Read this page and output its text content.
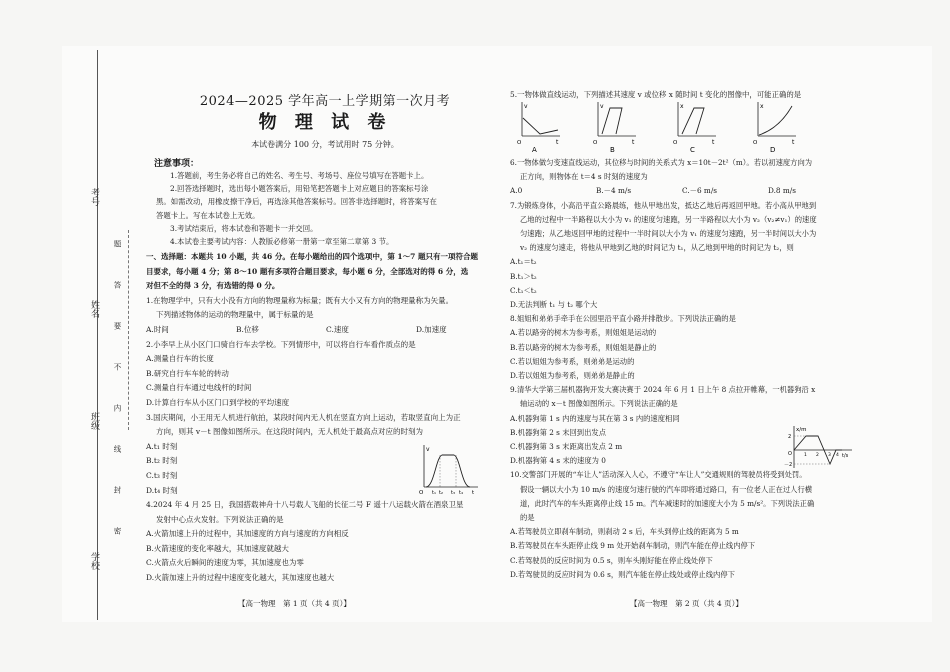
考号
姓名
班级
学校
题　答　要　不　内　线　封　密
2024—2025 学年高一上学期第一次月考
物 理 试 卷
本试卷满分 100 分，考试用时 75 分钟。
注意事项：

1.答题前，考生务必将自己的姓名、考生号、考场号、座位号填写在答题卡上。

2.回答选择题时，选出每小题答案后，用铅笔把答题卡上对应题目的答案标号涂

黑。如需改动，用橡皮擦干净后，再选涂其他答案标号。回答非选择题时，将答案写在

答题卡上。写在本试卷上无效。

3.考试结束后，将本试卷和答题卡一并交回。

4.本试卷主要考试内容：人教版必修第一册第一章至第二章第 3 节。

一、选择题：本题共 10 小题，共 46 分。在每小题给出的四个选项中，第 1～7 题只有一项符合题

目要求，每小题 4 分；第 8～10 题有多项符合题目要求，每小题 6 分，全部选对的得 6 分，选

对但不全的得 3 分，有选错的得 0 分。

1.在物理学中，只有大小没有方向的物理量称为标量；既有大小又有方向的物理量称为矢量。

下列描述物体的运动的物理量中，属于标量的是

A.时间	B.位移	C.速度	D.加速度

2.小李早上从小区门口骑自行车去学校。下列情形中，可以将自行车看作质点的是

A.测量自行车的长度

B.研究自行车车轮的转动

C.测量自行车通过电线杆的时间

D.计算自行车从小区门口到学校的平均速度

3.国庆期间，小王用无人机进行航拍，某段时间内无人机在竖直方向上运动，若取竖直向上为正

方向，则其 v－t 图像如图所示。在这段时间内，无人机处于最高点对应的时刻为

A.t₁ 时刻

B.t₂ 时刻

C.t₃ 时刻

D.t₄ 时刻

4.2024 年 4 月 25 日，我国搭载神舟十八号载人飞船的长征二号 F 遥十八运载火箭在酒泉卫星

发射中心点火发射。下列说法正确的是

A.火箭加速上升的过程中，其加速度的方向与速度的方向相反

B.火箭速度的变化率越大，其加速度就越大

C.火箭点火后瞬间的速度为零，其加速度也为零

D.火箭加速上升的过程中速度变化越大，其加速度也越大

v
O t₁ t₂ t₃ t₄ t

5.一物体做直线运动，下列描述其速度 v 或位移 x 随时间 t 变化的图像中，可能正确的是

v
t
O
A
v
t
O
B
x
t
O
C
x
t
O
D

6.一物体做匀变速直线运动，其位移与时间的关系式为 x＝10t－2t²（m）。若以初速度方向为

正方向，则物体在 t＝4 s 时刻的速度为

A.0	B.－4 m/s	C.－6 m/s	D.8 m/s

7.为锻炼身体，小高沿平直公路晨练，他从甲地出发，抵达乙地后再返回甲地。若小高从甲地到

乙地的过程中一半路程以大小为 v₁ 的速度匀速跑，另一半路程以大小为 v₂（v₂≠v₁）的速度

匀速跑；从乙地返回甲地的过程中一半时间以大小为 v₁ 的速度匀速跑，另一半时间以大小为

v₂ 的速度匀速走，将他从甲地到乙地的时间记为 t₁，从乙地到甲地的时间记为 t₂，则

A.t₁＝t₂

B.t₁＞t₂

C.t₁＜t₂

D.无法判断 t₁ 与 t₂ 哪个大

8.姐姐和弟弟手牵手在公园里沿平直小路并排散步。下列说法正确的是

A.若以路旁的树木为参考系，则姐姐是运动的

B.若以路旁的树木为参考系，则姐姐是静止的

C.若以姐姐为参考系，则弟弟是运动的

D.若以姐姐为参考系，则弟弟是静止的

9.清华大学第三届机器狗开发大赛决赛于 2024 年 6 月 1 日上午 8 点拉开帷幕，一机器狗沿 x

轴运动的 x－t 图像如图所示。下列说法正确的是

A.机器狗第 1 s 内的速度与其在第 3 s 内的速度相同

B.机器狗第 2 s 末回到出发点

C.机器狗第 3 s 末距离出发点 2 m

D.机器狗第 4 s 末的速度为 0

10.交警部门开展的“车让人”活动深入人心，不遵守“车让人”交通规则的驾驶员将受到处罚。

假设一辆以大小为 10 m/s 的速度匀速行驶的汽车即将通过路口，有一位老人正在过人行横

道，此时汽车的车头距离停止线 15 m。汽车减速时的加速度大小为 5 m/s²。下列说法正确

的是

A.若驾驶员立即刹车制动，则刹动 2 s 后，车头到停止线的距离为 5 m

B.若驾驶员在车头距停止线 9 m 处开始刹车制动，则汽车能在停止线内停下

C.若驾驶员的反应时间为 0.5 s，则车头刚好能在停止线处停下

D.若驾驶员的反应时间为 0.6 s，则汽车能在停止线处或停止线内停下

x/m
2
O
－2
t/s
1 2 3 4
【高一物理　第 1 页（共 4 页）】	【高一物理　第 2 页（共 4 页）】
